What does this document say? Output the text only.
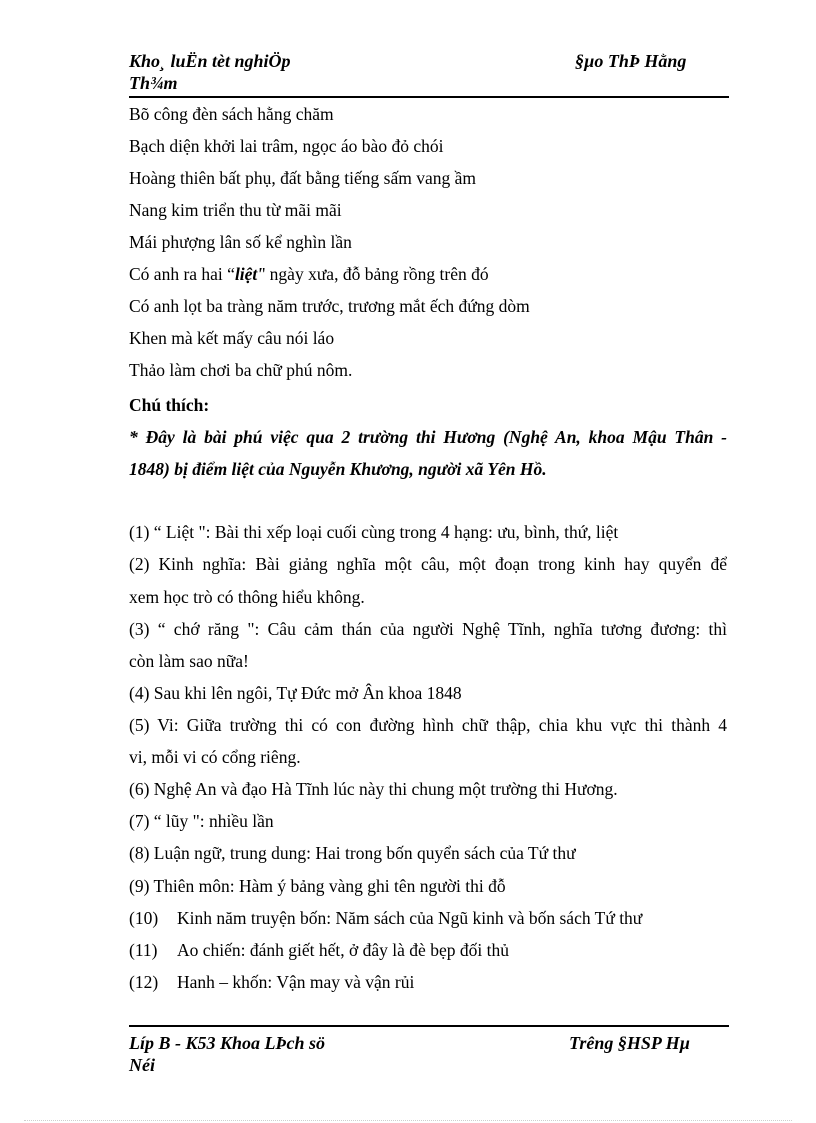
Kho¸ luËn tèt nghiÖp
Th¾m
§µo ThÞ Hằng
Bõ công đèn sách hằng chăm
Bạch diện khởi lai trâm, ngọc áo bào đỏ chói
Hoàng thiên bất phụ, đất bằng tiếng sấm vang ầm
Nang kim triển thu từ mãi mãi
Mái phượng lân số kể nghìn lần
Có anh ra hai “liệt'' ngày xưa, đỗ bảng rồng trên đó
Có anh lọt ba tràng năm trước, trương mắt ếch đứng dòm
Khen mà kết mấy câu nói láo
Thảo làm chơi ba chữ phú nôm.
Chú thích:
* Đây là bài phú việc qua 2 trường thi Hương (Nghệ An, khoa Mậu Thân -
1848) bị điểm liệt của Nguyễn Khương, người xã Yên Hồ.
(1) “ Liệt ": Bài thi xếp loại cuối cùng trong 4 hạng: ưu, bình, thứ, liệt
(2) Kinh nghĩa: Bài giảng nghĩa một câu, một đoạn trong kinh hay quyển để
xem học trò có thông hiểu không.
(3) “ chớ răng ": Câu cảm thán của người Nghệ Tĩnh, nghĩa tương đương: thì
còn làm sao nữa!
(4) Sau khi lên ngôi, Tự Đức mở Ân khoa 1848
(5) Vi: Giữa trường thi có con đường hình chữ thập, chia khu vực thi thành 4
vi, mỗi vi có cổng riêng.
(6) Nghệ An và đạo Hà Tĩnh lúc này thi chung một trường thi Hương.
(7) “ lũy ": nhiều lần
(8) Luận ngữ, trung dung: Hai trong bốn quyển sách của Tứ thư
(9) Thiên môn: Hàm ý bảng vàng ghi tên người thi đỗ
(10) Kinh năm truyện bốn: Năm sách của Ngũ kinh và bốn sách Tứ thư
(11) Ao chiến: đánh giết hết, ở đây là đè bẹp đối thủ
(12) Hanh – khốn: Vận may và vận rủi
Líp B - K53 Khoa LÞch sö
Néi
Trêng §HSP Hµ
